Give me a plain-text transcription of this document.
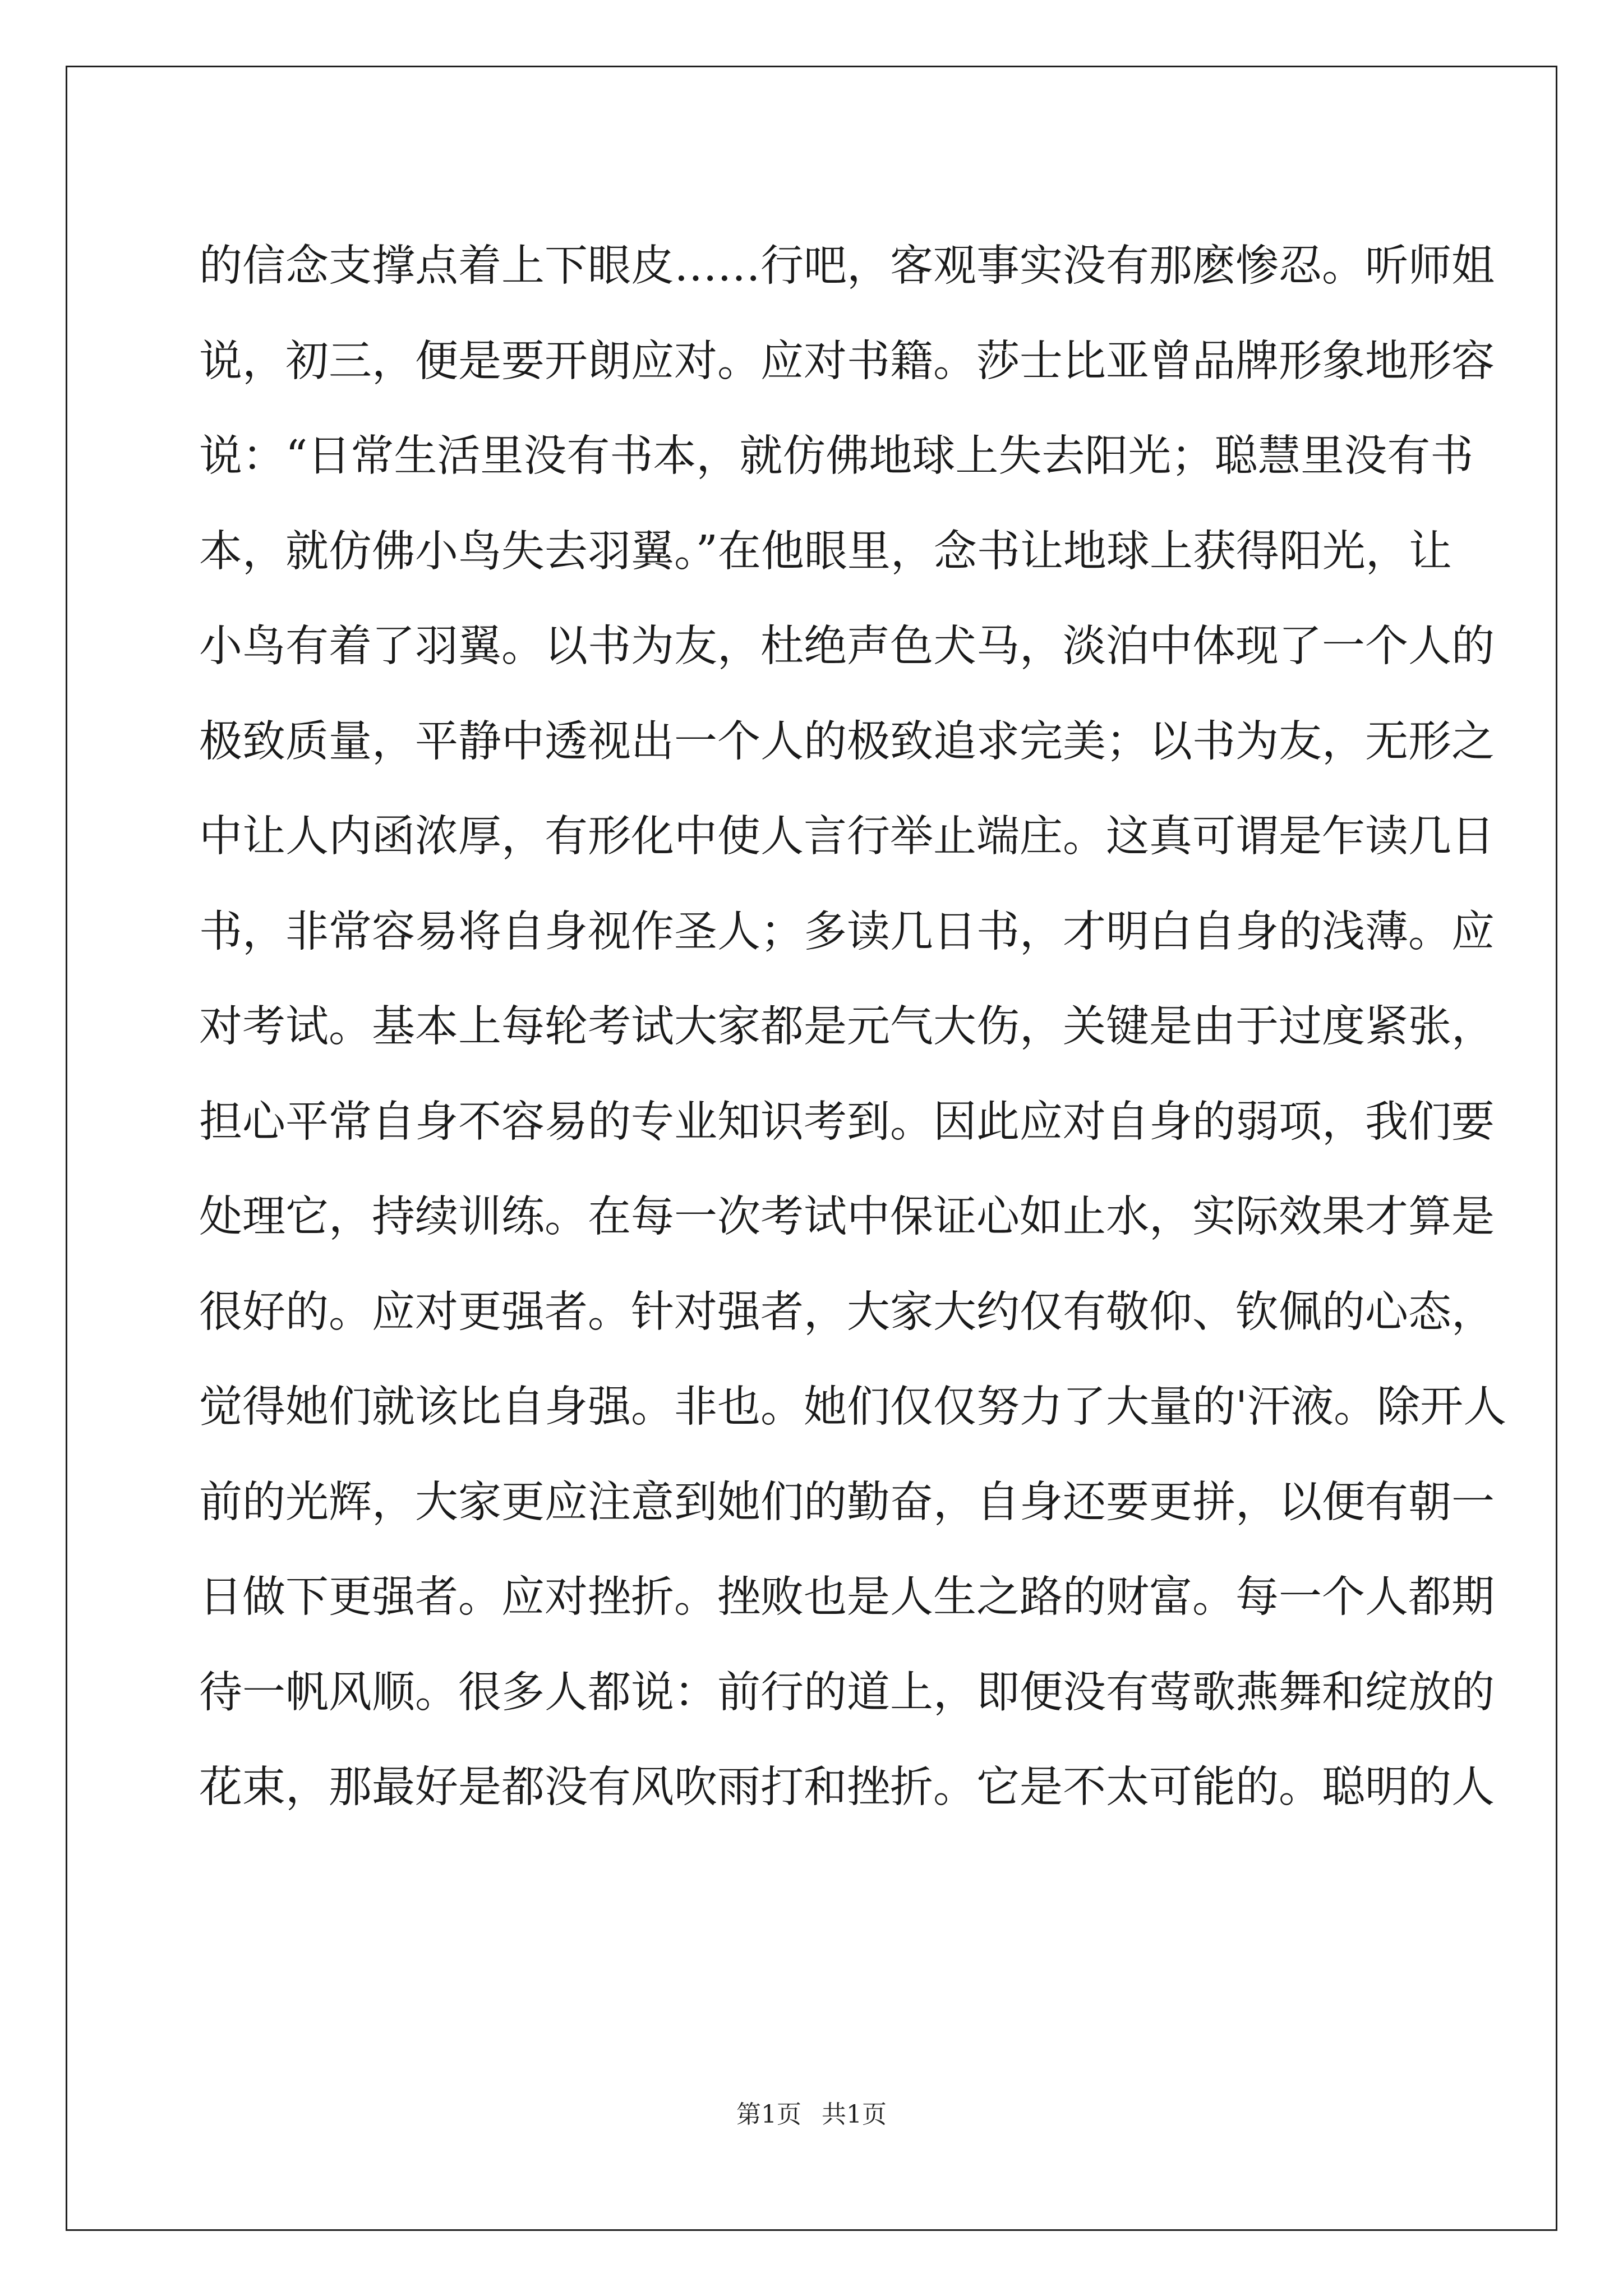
的信念支撑点着上下眼皮……行吧，客观事实没有那麽惨忍。听师姐
说，初三，便是要开朗应对。应对书籍。莎士比亚曾品牌形象地形容
说：“日常生活里没有书本，就仿佛地球上失去阳光；聪慧里没有书
本，就仿佛小鸟失去羽翼。”在他眼里，念书让地球上获得阳光，让
小鸟有着了羽翼。以书为友，杜绝声色犬马，淡泊中体现了一个人的
极致质量，平静中透视出一个人的极致追求完美；以书为友，无形之
中让人内函浓厚，有形化中使人言行举止端庄。这真可谓是乍读几日
书，非常容易将自身视作圣人；多读几日书，才明白自身的浅薄。应
对考试。基本上每轮考试大家都是元气大伤，关键是由于过度紧张，
担心平常自身不容易的专业知识考到。因此应对自身的弱项，我们要
处理它，持续训练。在每一次考试中保证心如止水，实际效果才算是
很好的。应对更强者。针对强者，大家大约仅有敬仰、钦佩的心态，
觉得她们就该比自身强。非也。她们仅仅努力了大量的'汗液。除开人
前的光辉，大家更应注意到她们的勤奋，自身还要更拼，以便有朝一
日做下更强者。应对挫折。挫败也是人生之路的财富。每一个人都期
待一帆风顺。很多人都说：前行的道上，即便没有莺歌燕舞和绽放的
花束，那最好是都没有风吹雨打和挫折。它是不太可能的。聪明的人
第1页 共1页
